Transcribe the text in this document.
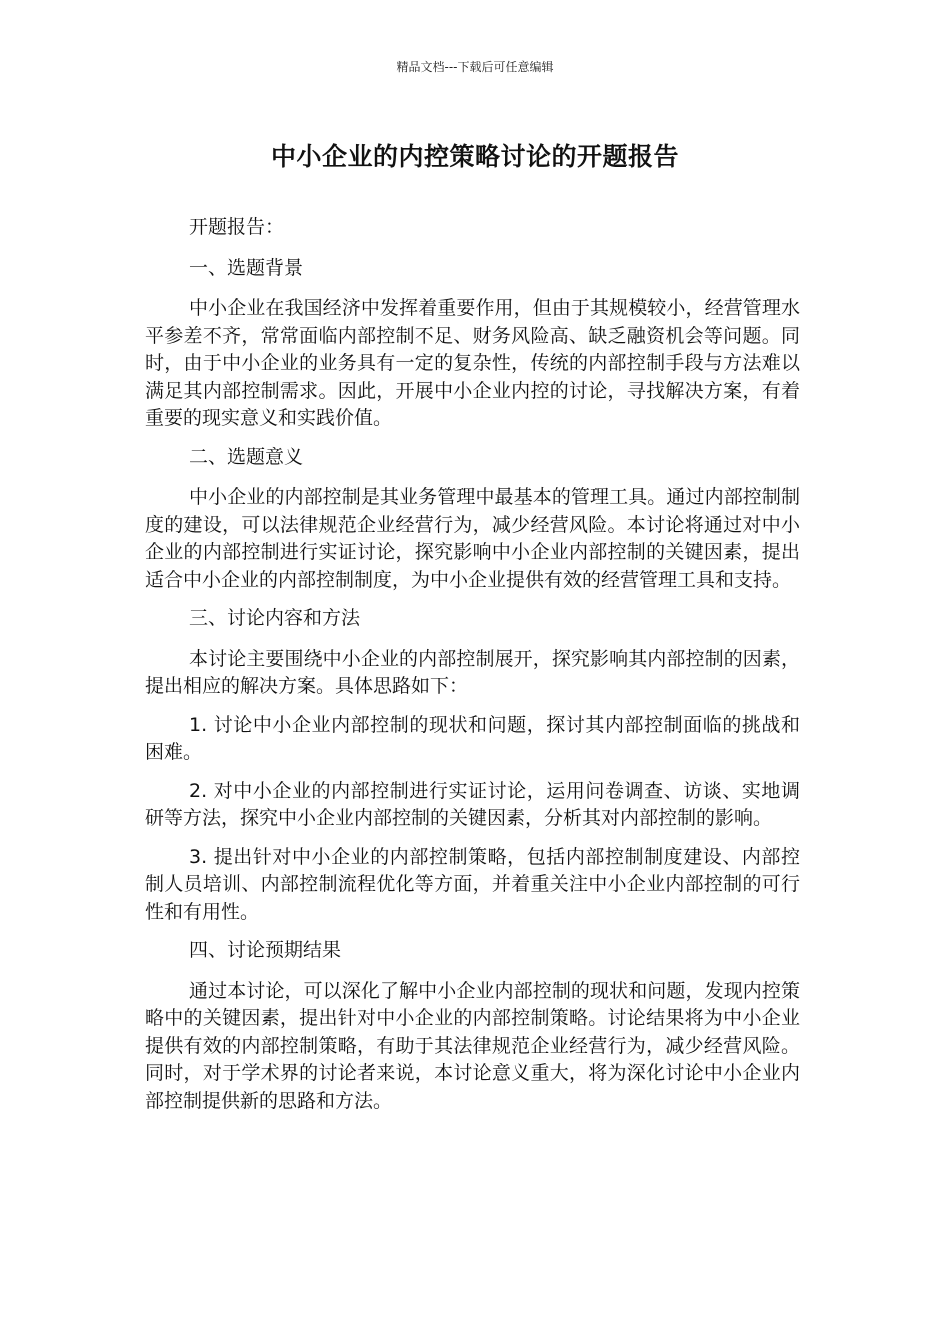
精品文档---下载后可任意编辑
中小企业的内控策略讨论的开题报告

开题报告：

一、选题背景

中小企业在我国经济中发挥着重要作用，但由于其规模较小，经营管理水平参差不齐，常常面临内部控制不足、财务风险高、缺乏融资机会等问题。同时，由于中小企业的业务具有一定的复杂性，传统的内部控制手段与方法难以满足其内部控制需求。因此，开展中小企业内控的讨论，寻找解决方案，有着重要的现实意义和实践价值。

二、选题意义

中小企业的内部控制是其业务管理中最基本的管理工具。通过内部控制制度的建设，可以法律规范企业经营行为，减少经营风险。本讨论将通过对中小企业的内部控制进行实证讨论，探究影响中小企业内部控制的关键因素，提出适合中小企业的内部控制制度，为中小企业提供有效的经营管理工具和支持。

三、讨论内容和方法

本讨论主要围绕中小企业的内部控制展开，探究影响其内部控制的因素，提出相应的解决方案。具体思路如下：

1. 讨论中小企业内部控制的现状和问题，探讨其内部控制面临的挑战和困难。

2. 对中小企业的内部控制进行实证讨论，运用问卷调查、访谈、实地调研等方法，探究中小企业内部控制的关键因素，分析其对内部控制的影响。

3. 提出针对中小企业的内部控制策略，包括内部控制制度建设、内部控制人员培训、内部控制流程优化等方面，并着重关注中小企业内部控制的可行性和有用性。

四、讨论预期结果

通过本讨论，可以深化了解中小企业内部控制的现状和问题，发现内控策略中的关键因素，提出针对中小企业的内部控制策略。讨论结果将为中小企业提供有效的内部控制策略，有助于其法律规范企业经营行为，减少经营风险。同时，对于学术界的讨论者来说，本讨论意义重大，将为深化讨论中小企业内部控制提供新的思路和方法。
